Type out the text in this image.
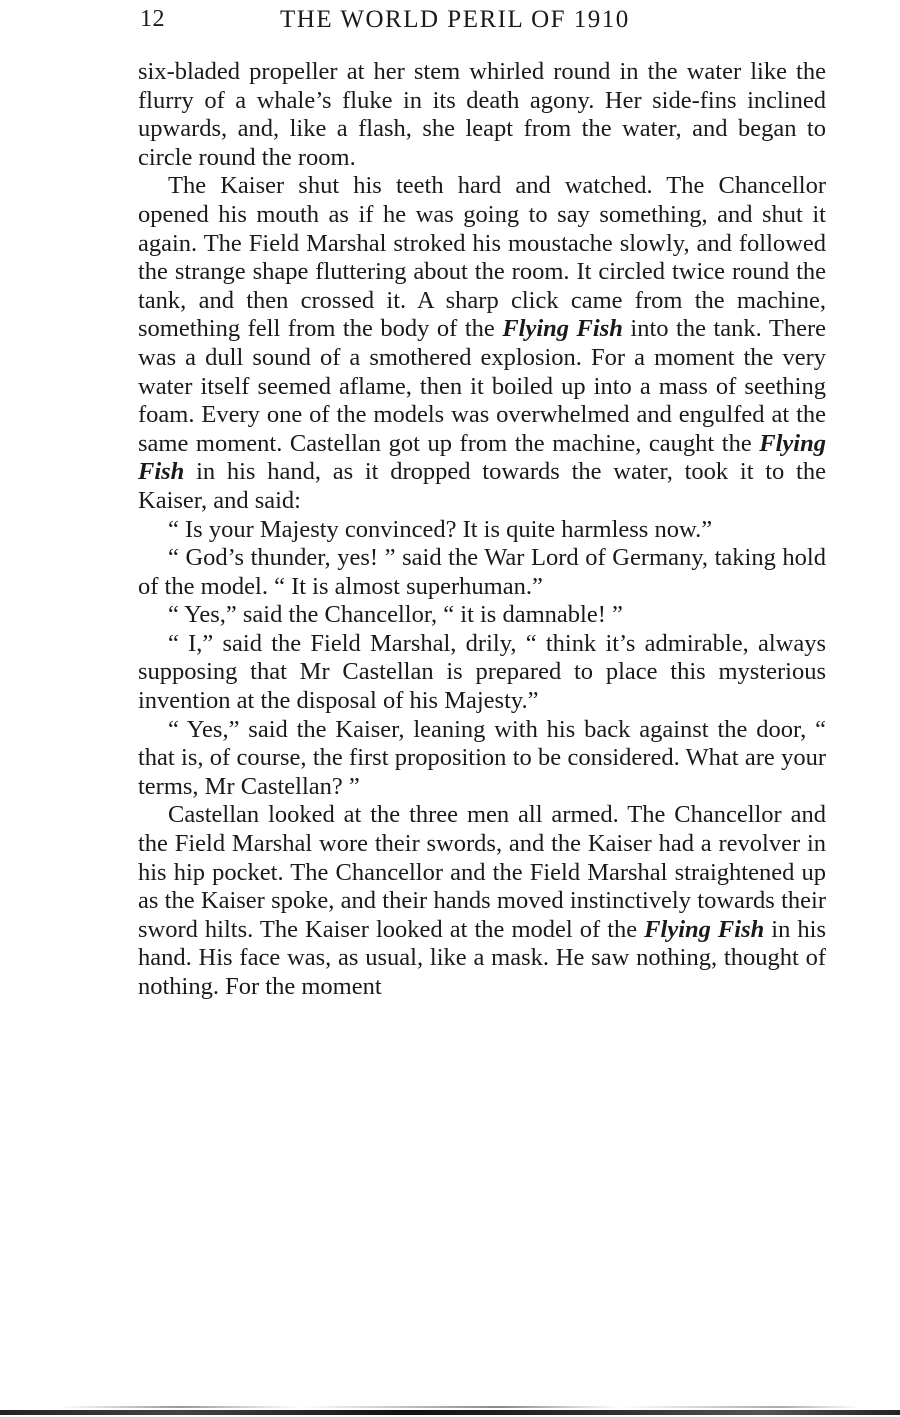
12	THE WORLD PERIL OF 1910

six-bladed propeller at her stem whirled round in the water like the flurry of a whale’s fluke in its death agony. Her side-fins inclined upwards, and, like a flash, she leapt from the water, and began to circle round the room.

The Kaiser shut his teeth hard and watched. The Chancellor opened his mouth as if he was going to say something, and shut it again. The Field Marshal stroked his moustache slowly, and followed the strange shape fluttering about the room. It circled twice round the tank, and then crossed it. A sharp click came from the machine, something fell from the body of the Flying Fish into the tank. There was a dull sound of a smothered explosion. For a moment the very water itself seemed aflame, then it boiled up into a mass of seething foam. Every one of the models was overwhelmed and engulfed at the same moment. Castellan got up from the machine, caught the Flying Fish in his hand, as it dropped towards the water, took it to the Kaiser, and said:

“ Is your Majesty convinced? It is quite harmless now.”

“ God’s thunder, yes! ” said the War Lord of Germany, taking hold of the model. “ It is almost superhuman.”

“ Yes,” said the Chancellor, “ it is damnable! ”

“ I,” said the Field Marshal, drily, “ think it’s admirable, always supposing that Mr Castellan is prepared to place this mysterious invention at the disposal of his Majesty.”

“ Yes,” said the Kaiser, leaning with his back against the door, “ that is, of course, the first proposition to be considered. What are your terms, Mr Castellan? ”

Castellan looked at the three men all armed. The Chancellor and the Field Marshal wore their swords, and the Kaiser had a revolver in his hip pocket. The Chancellor and the Field Marshal straightened up as the Kaiser spoke, and their hands moved instinctively towards their sword hilts. The Kaiser looked at the model of the Flying Fish in his hand. His face was, as usual, like a mask. He saw nothing, thought of nothing. For the moment
